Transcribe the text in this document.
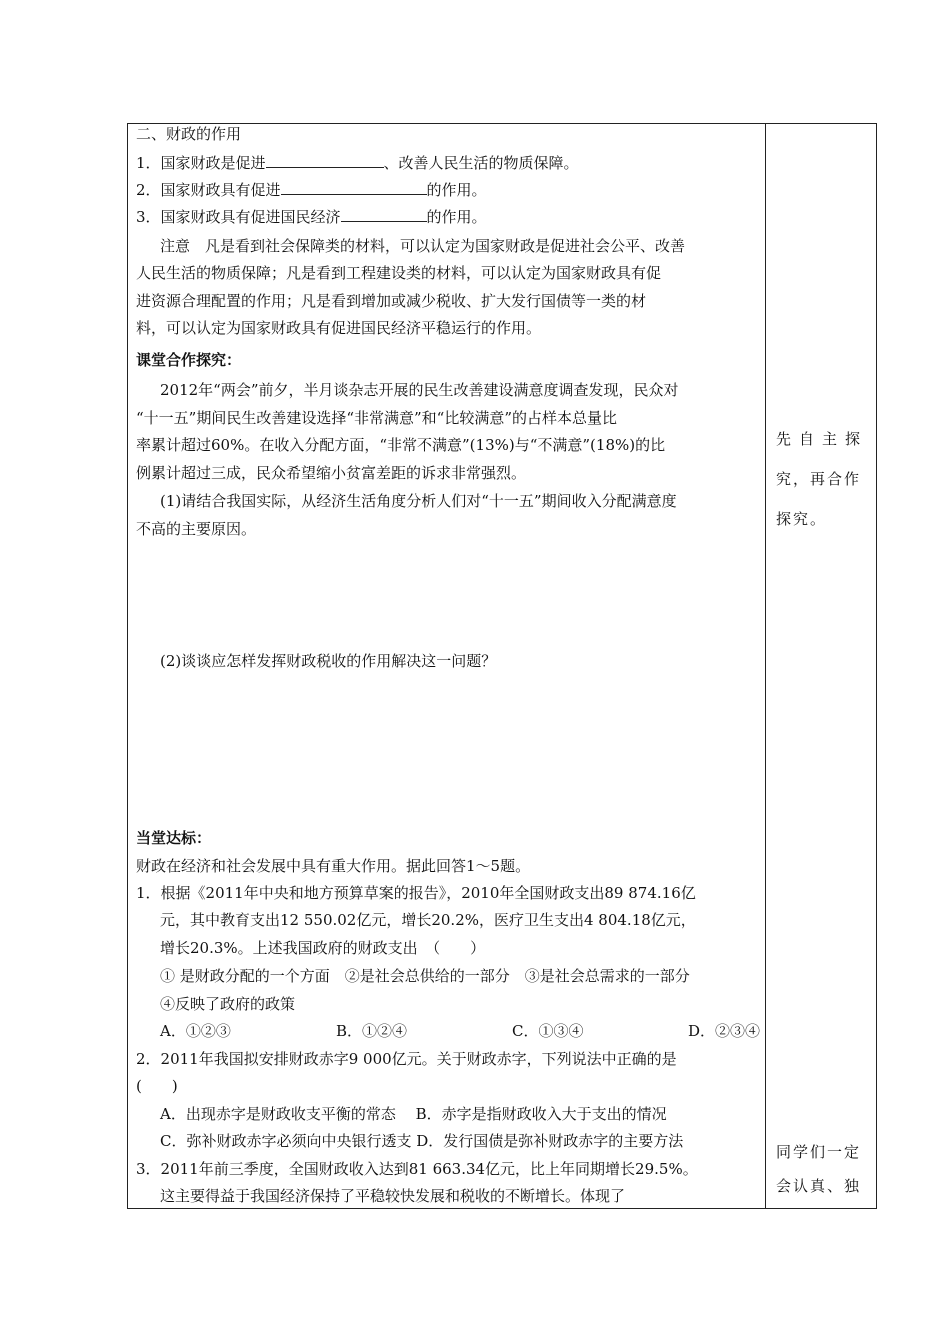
二、财政的作用
1．国家财政是促进	、改善人民生活的物质保障。
2．国家财政具有促进	的作用。
3．国家财政具有促进国民经济	的作用。
注意　凡是看到社会保障类的材料，可以认定为国家财政是促进社会公平、改善
人民生活的物质保障；凡是看到工程建设类的材料，可以认定为国家财政具有促
进资源合理配置的作用；凡是看到增加或减少税收、扩大发行国债等一类的材
料，可以认定为国家财政具有促进国民经济平稳运行的作用。
课堂合作探究：
2012年“两会”前夕，半月谈杂志开展的民生改善建设满意度调查发现，民众对
“十一五”期间民生改善建设选择“非常满意”和“比较满意”的占样本总量比
率累计超过60%。在收入分配方面，“非常不满意”(13%)与“不满意”(18%)的比
例累计超过三成，民众希望缩小贫富差距的诉求非常强烈。
(1)请结合我国实际，从经济生活角度分析人们对“十一五”期间收入分配满意度
不高的主要原因。
(2)谈谈应怎样发挥财政税收的作用解决这一问题？
当堂达标：
财政在经济和社会发展中具有重大作用。据此回答1～5题。
1．根据《2011年中央和地方预算草案的报告》，2010年全国财政支出89 874.16亿
元，其中教育支出12 550.02亿元，增长20.2%，医疗卫生支出4 804.18亿元，
增长20.3%。上述我国政府的财政支出　（　　）
① 是财政分配的一个方面　②是社会总供给的一部分　③是社会总需求的一部分
④反映了政府的政策
A．①②③	B．①②④	C．①③④	D．②③④
2．2011年我国拟安排财政赤字9 000亿元。关于财政赤字，下列说法中正确的是
(　　)
A．出现赤字是财政收支平衡的常态　 B．赤字是指财政收入大于支出的情况
C．弥补财政赤字必须向中央银行透支 D．发行国债是弥补财政赤字的主要方法
3．2011年前三季度，全国财政收入达到81 663.34亿元，比上年同期增长29.5%。
这主要得益于我国经济保持了平稳较快发展和税收的不断增长。体现了
先自主探
究，再合作
探究。
同学们一定
会认真、独
